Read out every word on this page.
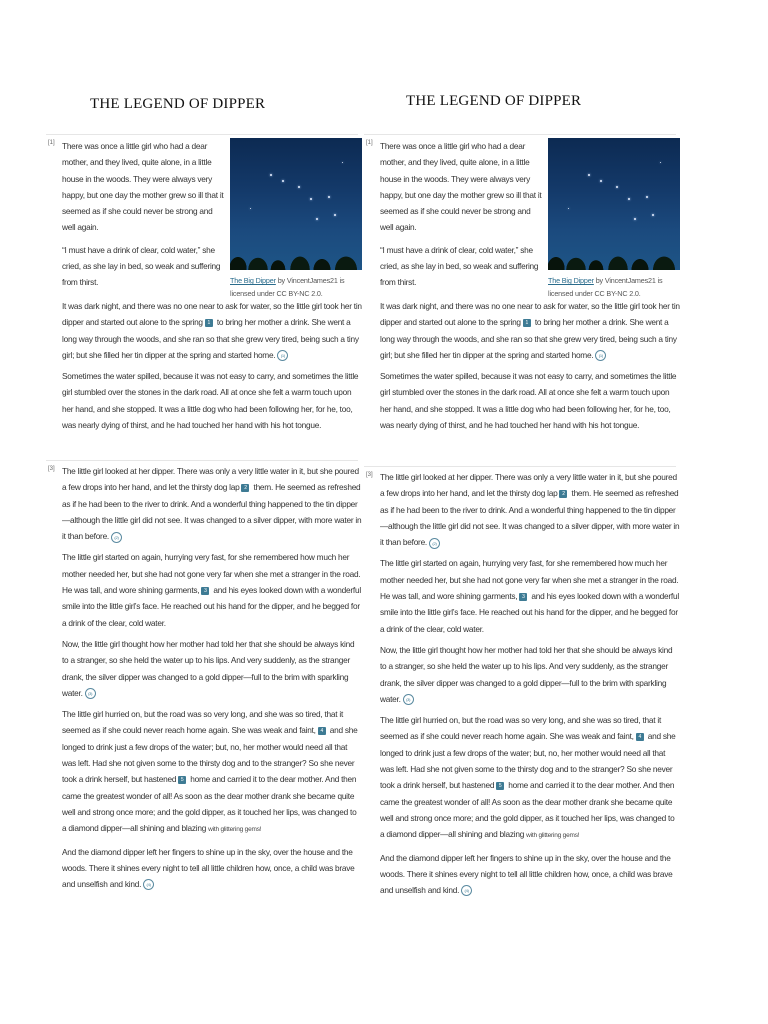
THE LEGEND OF DIPPER
[1] There was once a little girl who had a dear mother, and they lived, quite alone, in a little house in the woods. They were always very happy, but one day the mother grew so ill that it seemed as if she could never be strong and well again.

“I must have a drink of clear, cold water,” she cried, as she lay in bed, so weak and suffering from thirst.	The Big Dipper by VincentJames21 is licensed under CC BY-NC 2.0.

It was dark night, and there was no one near to ask for water, so the little girl took her tin dipper and started out alone to the spring 1 to bring her mother a drink. She went a long way through the woods, and she ran so that she grew very tired, being such a tiny girl; but she filled her tin dipper at the spring and started home. (1)

Sometimes the water spilled, because it was not easy to carry, and sometimes the little girl stumbled over the stones in the dark road. All at once she felt a warm touch upon her hand, and she stopped. It was a little dog who had been following her, for he, too, was nearly dying of thirst, and he had touched her hand with his hot tongue.

[3] The little girl looked at her dipper. There was only a very little water in it, but she poured a few drops into her hand, and let the thirsty dog lap 2 them. He seemed as refreshed as if he had been to the river to drink. And a wonderful thing happened to the tin dipper—although the little girl did not see. It was changed to a silver dipper, with more water in it than before. (2)

The little girl started on again, hurrying very fast, for she remembered how much her mother needed her, but she had not gone very far when she met a stranger in the road. He was tall, and wore shining garments, 3 and his eyes looked down with a wonderful smile into the little girl’s face. He reached out his hand for the dipper, and he begged for a drink of the clear, cold water.

Now, the little girl thought how her mother had told her that she should be always kind to a stranger, so she held the water up to his lips. And very suddenly, as the stranger drank, the silver dipper was changed to a gold dipper—full to the brim with sparkling water. (3)

The little girl hurried on, but the road was so very long, and she was so tired, that it seemed as if she could never reach home again. She was weak and faint, 4 and she longed to drink just a few drops of the water; but, no, her mother would need all that was left. Had she not given some to the thirsty dog and to the stranger? So she never took a drink herself, but hastened 5 home and carried it to the dear mother. And then came the greatest wonder of all! As soon as the dear mother drank she became quite well and strong once more; and the gold dipper, as it touched her lips, was changed to a diamond dipper—all shining and blazing with glittering gems!

And the diamond dipper left her fingers to shine up in the sky, over the house and the woods. There it shines every night to tell all little children how, once, a child was brave and unselfish and kind. (4)

THE LEGEND OF DIPPER
[1] There was once a little girl who had a dear mother, and they lived, quite alone, in a little house in the woods. They were always very happy, but one day the mother grew so ill that it seemed as if she could never be strong and well again.

“I must have a drink of clear, cold water,” she cried, as she lay in bed, so weak and suffering from thirst.	The Big Dipper by VincentJames21 is licensed under CC BY-NC 2.0.

It was dark night, and there was no one near to ask for water, so the little girl took her tin dipper and started out alone to the spring 1 to bring her mother a drink. She went a long way through the woods, and she ran so that she grew very tired, being such a tiny girl; but she filled her tin dipper at the spring and started home. (1)

Sometimes the water spilled, because it was not easy to carry, and sometimes the little girl stumbled over the stones in the dark road. All at once she felt a warm touch upon her hand, and she stopped. It was a little dog who had been following her, for he, too, was nearly dying of thirst, and he had touched her hand with his hot tongue.

[3] The little girl looked at her dipper. There was only a very little water in it, but she poured a few drops into her hand, and let the thirsty dog lap 2 them. He seemed as refreshed as if he had been to the river to drink. And a wonderful thing happened to the tin dipper—although the little girl did not see. It was changed to a silver dipper, with more water in it than before. (2)

The little girl started on again, hurrying very fast, for she remembered how much her mother needed her, but she had not gone very far when she met a stranger in the road. He was tall, and wore shining garments, 3 and his eyes looked down with a wonderful smile into the little girl’s face. He reached out his hand for the dipper, and he begged for a drink of the clear, cold water.

Now, the little girl thought how her mother had told her that she should be always kind to a stranger, so she held the water up to his lips. And very suddenly, as the stranger drank, the silver dipper was changed to a gold dipper—full to the brim with sparkling water. (3)

The little girl hurried on, but the road was so very long, and she was so tired, that it seemed as if she could never reach home again. She was weak and faint, 4 and she longed to drink just a few drops of the water; but, no, her mother would need all that was left. Had she not given some to the thirsty dog and to the stranger? So she never took a drink herself, but hastened 5 home and carried it to the dear mother. And then came the greatest wonder of all! As soon as the dear mother drank she became quite well and strong once more; and the gold dipper, as it touched her lips, was changed to a diamond dipper—all shining and blazing with glittering gems!

And the diamond dipper left her fingers to shine up in the sky, over the house and the woods. There it shines every night to tell all little children how, once, a child was brave and unselfish and kind. (4)
